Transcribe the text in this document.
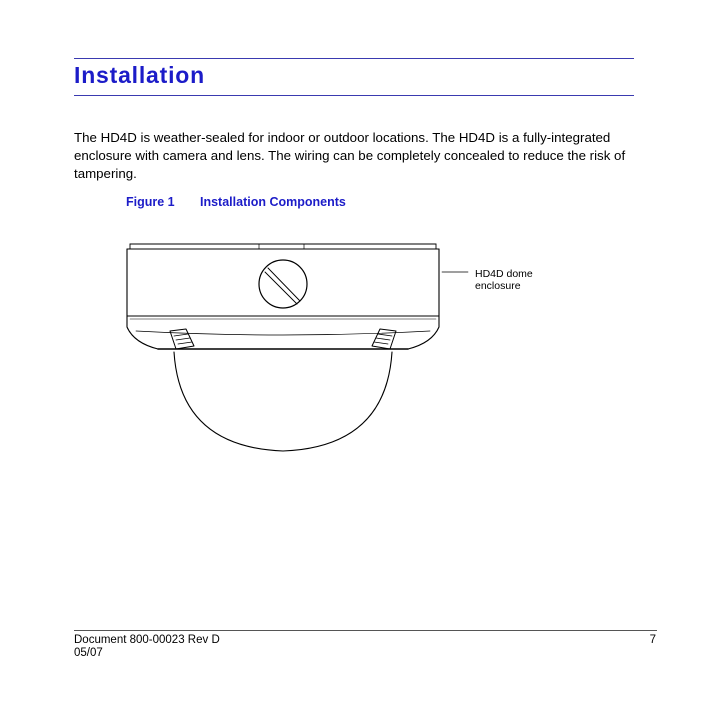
Installation

The HD4D is weather-sealed for indoor or outdoor locations. The HD4D is a fully-integrated enclosure with camera and lens. The wiring can be completely concealed to reduce the risk of tampering.

Figure 1 Installation Components
HD4D dome
enclosure
Document 800-00023 Rev D
05/07
7
